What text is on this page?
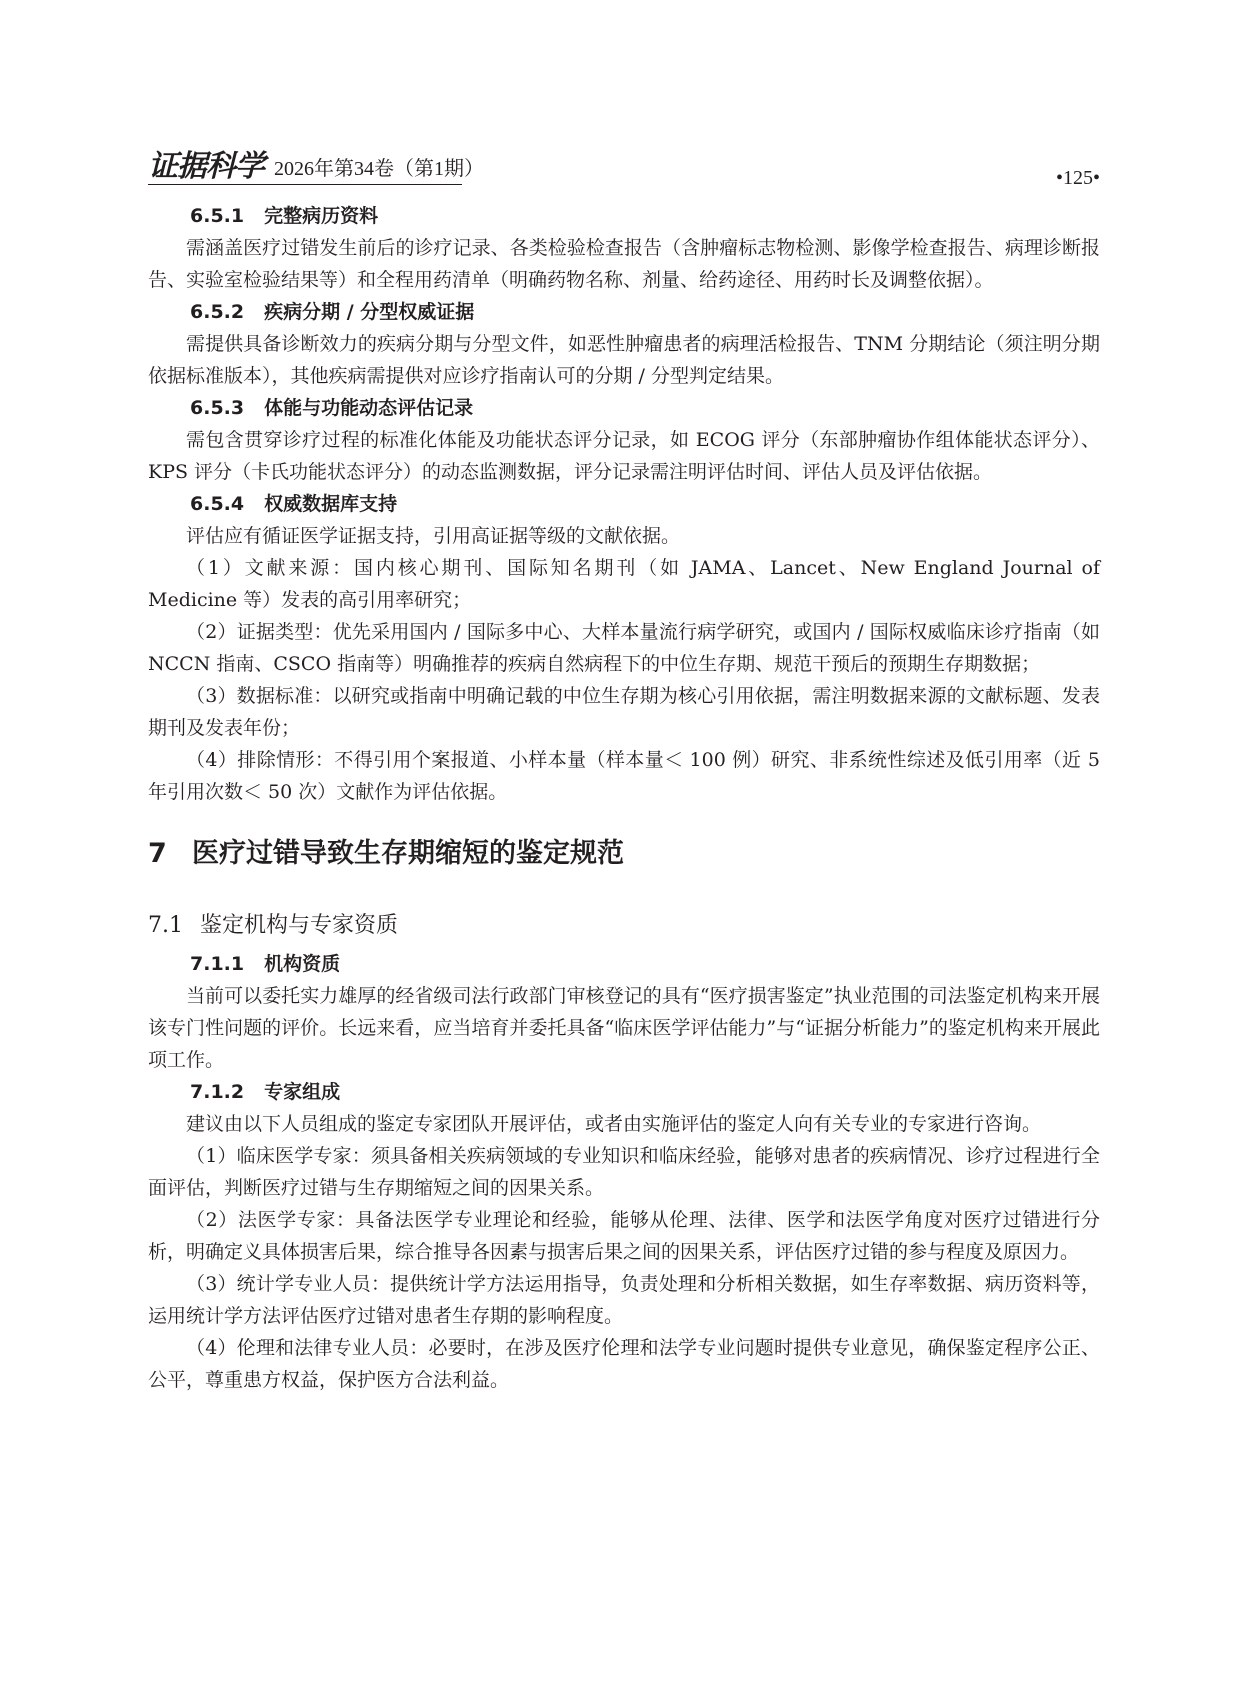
证据科学 2026年第34卷（第1期）	•125•
6.5.1 完整病历资料

需涵盖医疗过错发生前后的诊疗记录、各类检验检查报告（含肿瘤标志物检测、影像学检查报告、病理诊断报告、实验室检验结果等）和全程用药清单（明确药物名称、剂量、给药途径、用药时长及调整依据）。

6.5.2 疾病分期 / 分型权威证据

需提供具备诊断效力的疾病分期与分型文件，如恶性肿瘤患者的病理活检报告、TNM 分期结论（须注明分期依据标准版本），其他疾病需提供对应诊疗指南认可的分期 / 分型判定结果。

6.5.3 体能与功能动态评估记录

需包含贯穿诊疗过程的标准化体能及功能状态评分记录，如 ECOG 评分（东部肿瘤协作组体能状态评分）、KPS 评分（卡氏功能状态评分）的动态监测数据，评分记录需注明评估时间、评估人员及评估依据。

6.5.4 权威数据库支持

评估应有循证医学证据支持，引用高证据等级的文献依据。

（1）文献来源：国内核心期刊、国际知名期刊（如 JAMA、Lancet、New England Journal of Medicine 等）发表的高引用率研究；

（2）证据类型：优先采用国内 / 国际多中心、大样本量流行病学研究，或国内 / 国际权威临床诊疗指南（如 NCCN 指南、CSCO 指南等）明确推荐的疾病自然病程下的中位生存期、规范干预后的预期生存期数据；

（3）数据标准：以研究或指南中明确记载的中位生存期为核心引用依据，需注明数据来源的文献标题、发表期刊及发表年份；

（4）排除情形：不得引用个案报道、小样本量（样本量＜ 100 例）研究、非系统性综述及低引用率（近 5 年引用次数＜ 50 次）文献作为评估依据。

7 医疗过错导致生存期缩短的鉴定规范
7.1 鉴定机构与专家资质
7.1.1 机构资质

当前可以委托实力雄厚的经省级司法行政部门审核登记的具有“医疗损害鉴定”执业范围的司法鉴定机构来开展该专门性问题的评价。长远来看，应当培育并委托具备“临床医学评估能力”与“证据分析能力”的鉴定机构来开展此项工作。

7.1.2 专家组成

建议由以下人员组成的鉴定专家团队开展评估，或者由实施评估的鉴定人向有关专业的专家进行咨询。

（1）临床医学专家：须具备相关疾病领域的专业知识和临床经验，能够对患者的疾病情况、诊疗过程进行全面评估，判断医疗过错与生存期缩短之间的因果关系。

（2）法医学专家：具备法医学专业理论和经验，能够从伦理、法律、医学和法医学角度对医疗过错进行分析，明确定义具体损害后果，综合推导各因素与损害后果之间的因果关系，评估医疗过错的参与程度及原因力。

（3）统计学专业人员：提供统计学方法运用指导，负责处理和分析相关数据，如生存率数据、病历资料等，运用统计学方法评估医疗过错对患者生存期的影响程度。

（4）伦理和法律专业人员：必要时，在涉及医疗伦理和法学专业问题时提供专业意见，确保鉴定程序公正、公平，尊重患方权益，保护医方合法利益。
